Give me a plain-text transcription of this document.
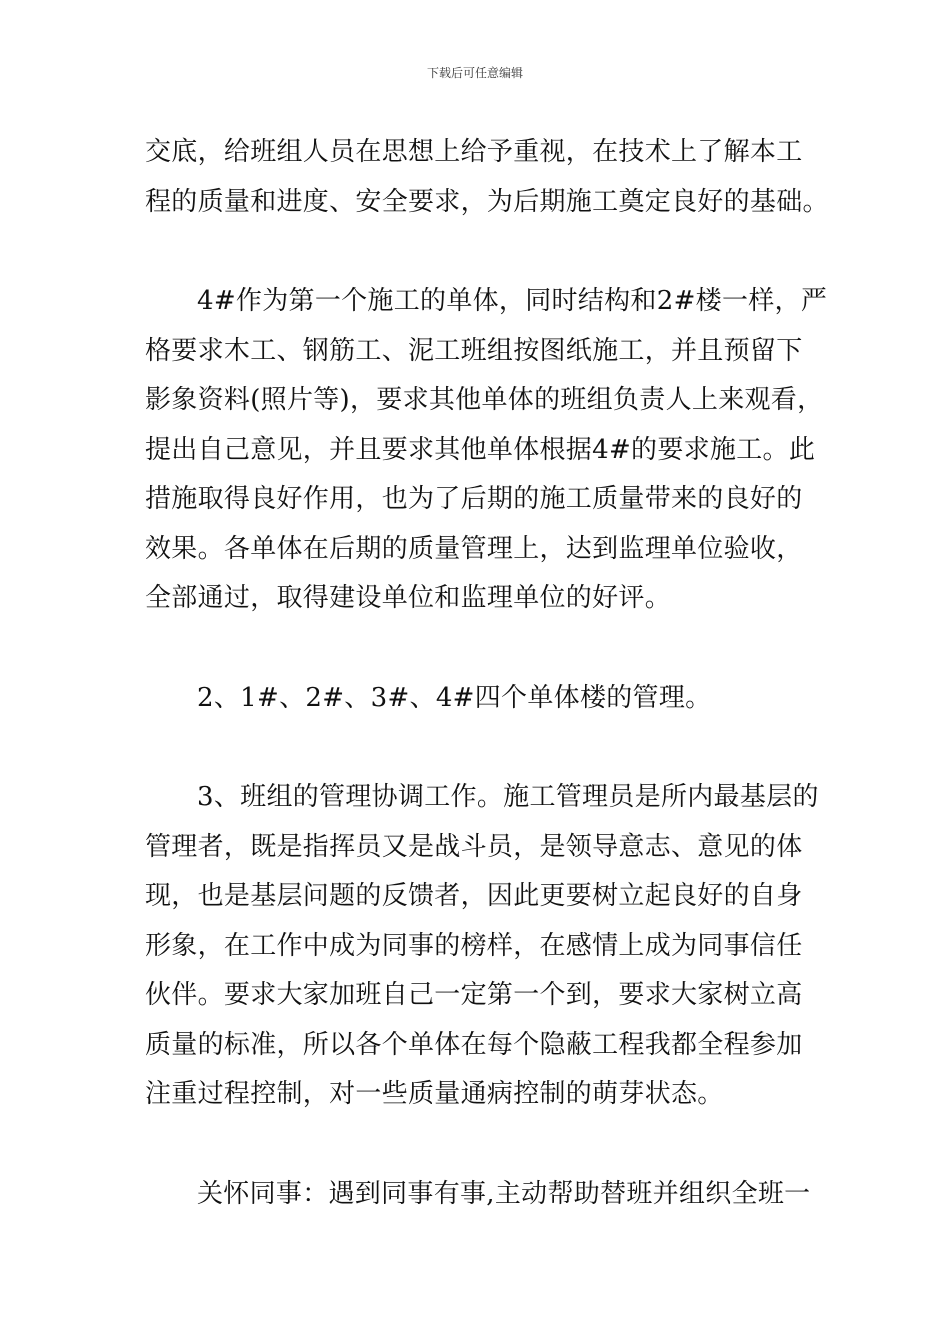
下载后可任意编辑

交底，给班组人员在思想上给予重视，在技术上了解本工
程的质量和进度、安全要求，为后期施工奠定良好的基础。

4#作为第一个施工的单体，同时结构和2#楼一样，严
格要求木工、钢筋工、泥工班组按图纸施工，并且预留下
影象资料(照片等)，要求其他单体的班组负责人上来观看，
提出自己意见，并且要求其他单体根据4#的要求施工。此
措施取得良好作用，也为了后期的施工质量带来的良好的
效果。各单体在后期的质量管理上，达到监理单位验收，
全部通过，取得建设单位和监理单位的好评。

2、1#、2#、3#、4#四个单体楼的管理。

3、班组的管理协调工作。施工管理员是所内最基层的
管理者，既是指挥员又是战斗员，是领导意志、意见的体
现，也是基层问题的反馈者，因此更要树立起良好的自身
形象，在工作中成为同事的榜样，在感情上成为同事信任
伙伴。要求大家加班自己一定第一个到，要求大家树立高
质量的标准，所以各个单体在每个隐蔽工程我都全程参加
注重过程控制，对一些质量通病控制的萌芽状态。

关怀同事：遇到同事有事,主动帮助替班并组织全班一
